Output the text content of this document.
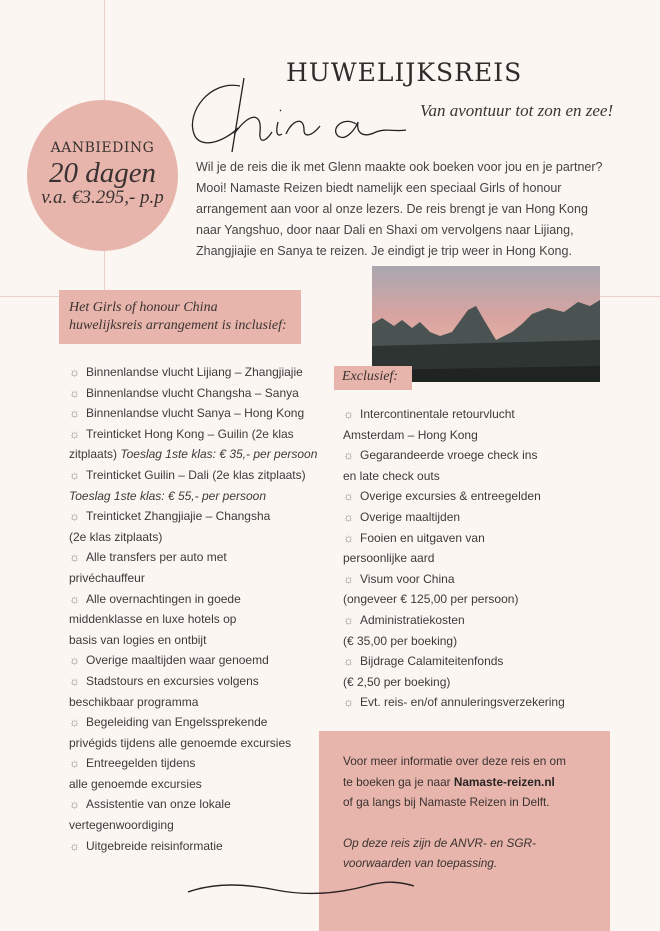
AANBIEDING
20 dagen
v.a. €3.295,- p.p
China
HUWELIJKSREIS
Van avontuur tot zon en zee!
Wil je de reis die ik met Glenn maakte ook boeken voor jou en je partner? Mooi! Namaste Reizen biedt namelijk een speciaal Girls of honour arrangement aan voor al onze lezers. De reis brengt je van Hong Kong naar Yangshuo, door naar Dali en Shaxi om vervolgens naar Lijiang, Zhangjiajie en Sanya te reizen. Je eindigt je trip weer in Hong Kong.
Het Girls of honour China
huwelijksreis arrangement is inclusief:
☼ Binnenlandse vlucht Lijiang – Zhangjiajie
☼ Binnenlandse vlucht Changsha – Sanya
☼ Binnenlandse vlucht Sanya – Hong Kong
☼ Treinticket Hong Kong – Guilin (2e klas
zitplaats) Toeslag 1ste klas: € 35,- per persoon
☼ Treinticket Guilin – Dali (2e klas zitplaats)
Toeslag 1ste klas: € 55,- per persoon
☼ Treinticket Zhangjiajie – Changsha
(2e klas zitplaats)
☼ Alle transfers per auto met
privéchauffeur
☼ Alle overnachtingen in goede
middenklasse en luxe hotels op
basis van logies en ontbijt
☼ Overige maaltijden waar genoemd
☼ Stadstours en excursies volgens
beschikbaar programma
☼ Begeleiding van Engelssprekende
privégids tijdens alle genoemde excursies
☼ Entreegelden tijdens
alle genoemde excursies
☼ Assistentie van onze lokale
vertegenwoordiging
☼ Uitgebreide reisinformatie
Exclusief:
☼ Intercontinentale retourvlucht
Amsterdam – Hong Kong
☼ Gegarandeerde vroege check ins
en late check outs
☼ Overige excursies & entreegelden
☼ Overige maaltijden
☼ Fooien en uitgaven van
persoonlijke aard
☼ Visum voor China
(ongeveer € 125,00 per persoon)
☼ Administratiekosten
(€ 35,00 per boeking)
☼ Bijdrage Calamiteitenfonds
(€ 2,50 per boeking)
☼ Evt. reis- en/of annuleringsverzekering
Voor meer informatie over deze reis en om
te boeken ga je naar Namaste-reizen.nl
of ga langs bij Namaste Reizen in Delft.
Op deze reis zijn de ANVR- en SGR-
voorwaarden van toepassing.
